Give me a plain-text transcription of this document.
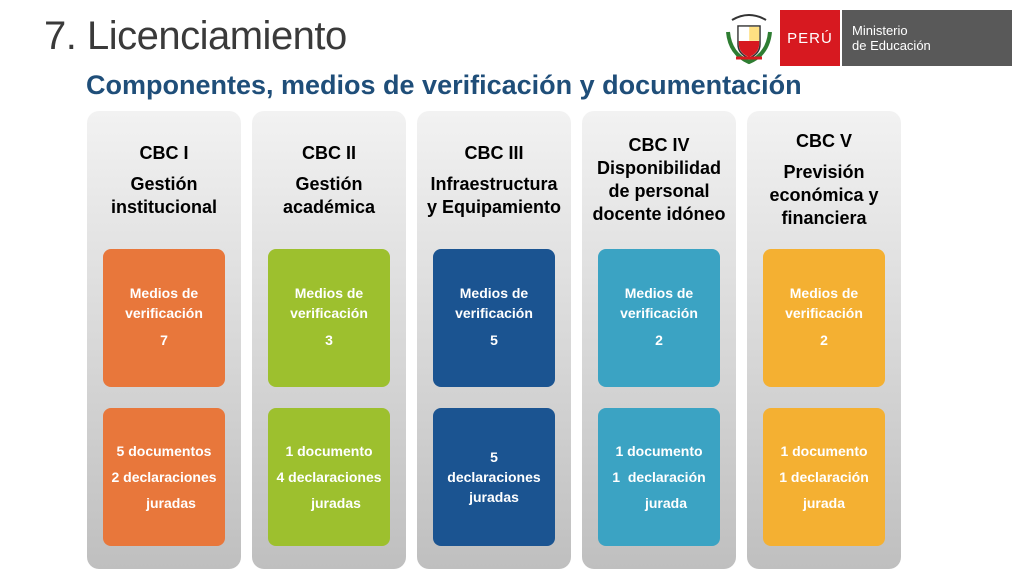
7. Licenciamiento
Componentes, medios de verificación y documentación
PERÚ	Ministerio
de Educación
CBC I
Gestión
institucional
Medios de
verificación
7
5 documentos
2 declaraciones
juradas
CBC II
Gestión
académica
Medios de
verificación
3
1 documento
4 declaraciones
juradas
CBC III
Infraestructura
y Equipamiento
Medios de
verificación
5
5
declaraciones
juradas
CBC IV
Disponibilidad
de personal
docente idóneo
Medios de
verificación
2
1 documento
1  declaración
jurada
CBC V
Previsión
económica y
financiera
Medios de
verificación
2
1 documento
1 declaración
jurada
